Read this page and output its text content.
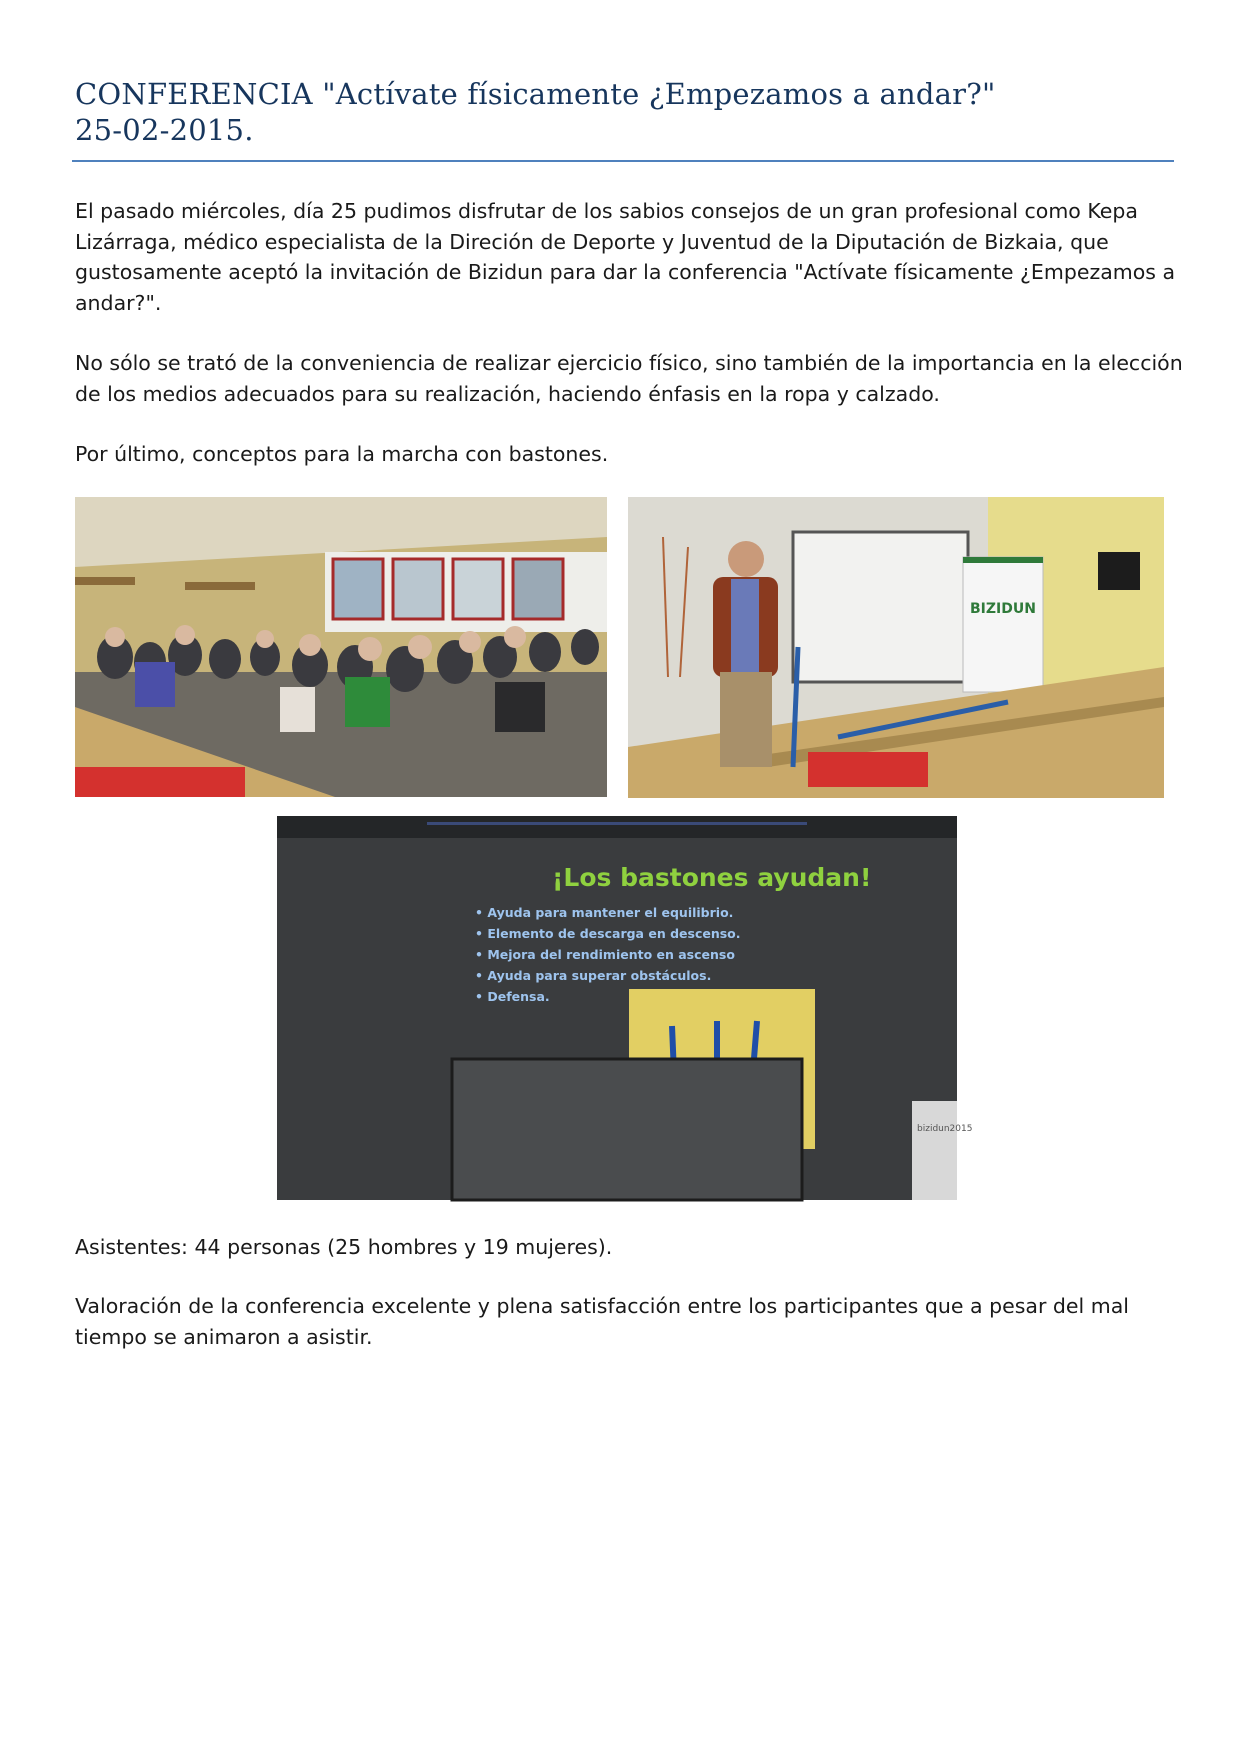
CONFERENCIA "Actívate físicamente ¿Empezamos a andar?"
25-02-2015.

El pasado miércoles, día 25 pudimos disfrutar de los sabios consejos de un gran profesional como Kepa Lizárraga, médico especialista de la Direción de Deporte y Juventud de la Diputación de Bizkaia, que gustosamente aceptó la invitación de Bizidun para dar la conferencia "Actívate físicamente ¿Empezamos a andar?".

No sólo se trató de la conveniencia de realizar ejercicio físico, sino también de la importancia en la elección de los medios adecuados para su realización, haciendo énfasis en la ropa y calzado.

Por último, conceptos para la marcha con bastones.

BIZIDUN
¡Los bastones ayudan!
• Ayuda para mantener el equilibrio.
• Elemento de descarga en descenso.
• Mejora del rendimiento en ascenso
• Ayuda para superar obstáculos.
• Defensa.
bizidun2015

Asistentes: 44 personas (25 hombres y 19 mujeres).

Valoración de la conferencia excelente y plena satisfacción entre los participantes que a pesar del mal tiempo se animaron a asistir.
